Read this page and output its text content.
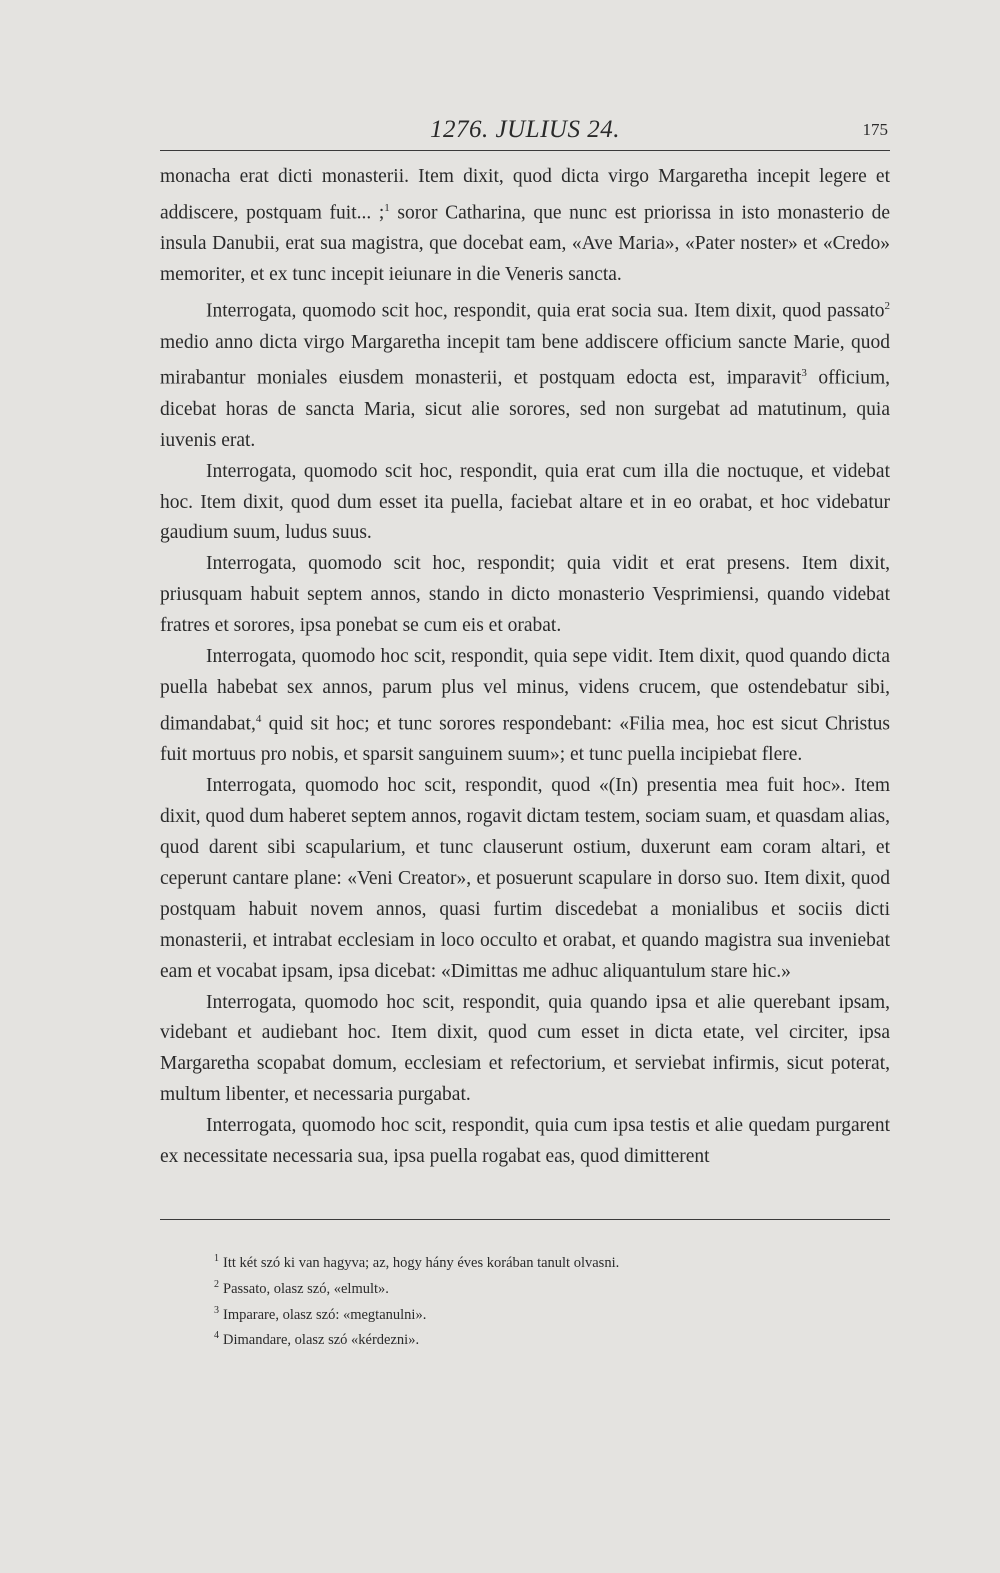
1276. JULIUS 24.	175

monacha erat dicti monasterii. Item dixit, quod dicta virgo Margaretha incepit legere et addiscere, postquam fuit... ;$^1$ soror Catharina, que nunc est priorissa in isto monasterio de insula Danubii, erat sua magistra, que docebat eam, «Ave Maria», «Pater noster» et «Credo» memoriter, et ex tunc incepit ieiunare in die Veneris sancta.

Interrogata, quomodo scit hoc, respondit, quia erat socia sua. Item dixit, quod passato$^2$ medio anno dicta virgo Margaretha incepit tam bene addiscere officium sancte Marie, quod mirabantur moniales eiusdem monasterii, et postquam edocta est, imparavit$^3$ officium, dicebat horas de sancta Maria, sicut alie sorores, sed non surgebat ad matutinum, quia iuvenis erat.

Interrogata, quomodo scit hoc, respondit, quia erat cum illa die noctuque, et videbat hoc. Item dixit, quod dum esset ita puella, faciebat altare et in eo orabat, et hoc videbatur gaudium suum, ludus suus.

Interrogata, quomodo scit hoc, respondit; quia vidit et erat presens. Item dixit, priusquam habuit septem annos, stando in dicto monasterio Vesprimiensi, quando videbat fratres et sorores, ipsa ponebat se cum eis et orabat.

Interrogata, quomodo hoc scit, respondit, quia sepe vidit. Item dixit, quod quando dicta puella habebat sex annos, parum plus vel minus, videns crucem, que ostendebatur sibi, dimandabat,$^4$ quid sit hoc; et tunc sorores respondebant: «Filia mea, hoc est sicut Christus fuit mortuus pro nobis, et sparsit sanguinem suum»; et tunc puella incipiebat flere.

Interrogata, quomodo hoc scit, respondit, quod «(In) presentia mea fuit hoc». Item dixit, quod dum haberet septem annos, rogavit dictam testem, sociam suam, et quasdam alias, quod darent sibi scapularium, et tunc clauserunt ostium, duxerunt eam coram altari, et ceperunt cantare plane: «Veni Creator», et posuerunt scapulare in dorso suo. Item dixit, quod postquam habuit novem annos, quasi furtim discedebat a monialibus et sociis dicti monasterii, et intrabat ecclesiam in loco occulto et orabat, et quando magistra sua inveniebat eam et vocabat ipsam, ipsa dicebat: «Dimittas me adhuc aliquantulum stare hic.»

Interrogata, quomodo hoc scit, respondit, quia quando ipsa et alie querebant ipsam, videbant et audiebant hoc. Item dixit, quod cum esset in dicta etate, vel circiter, ipsa Margaretha scopabat domum, ecclesiam et refectorium, et serviebat infirmis, sicut poterat, multum libenter, et necessaria purgabat.

Interrogata, quomodo hoc scit, respondit, quia cum ipsa testis et alie quedam purgarent ex necessitate necessaria sua, ipsa puella rogabat eas, quod dimitterent

$^1$ Itt két szó ki van hagyva; az, hogy hány éves korában tanult olvasni.
$^2$ Passato, olasz szó, «elmult».
$^3$ Imparare, olasz szó: «megtanulni».
$^4$ Dimandare, olasz szó «kérdezni».
